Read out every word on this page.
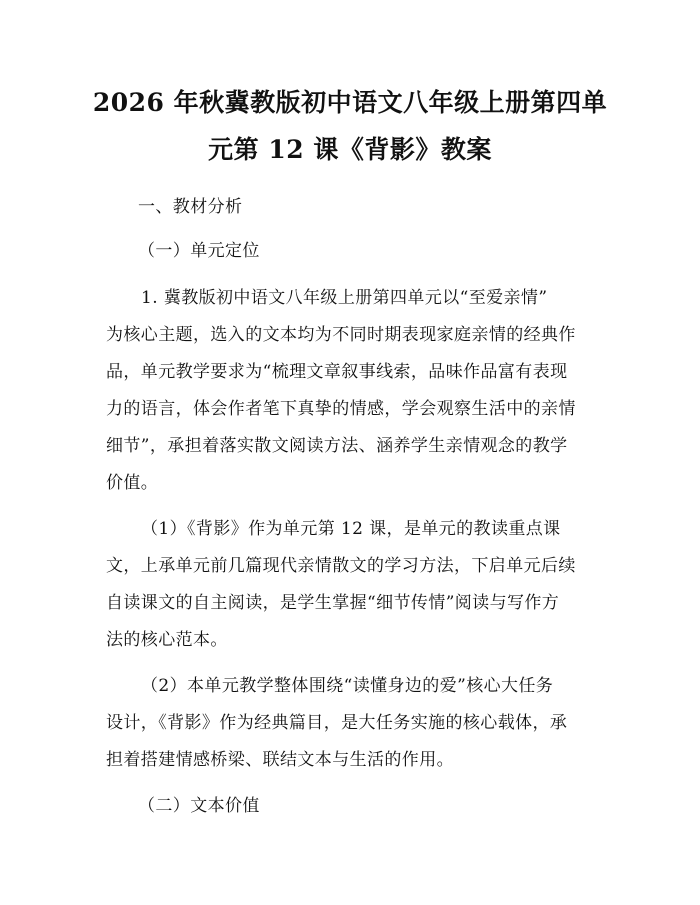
2026 年秋冀教版初中语文八年级上册第四单
元第 12 课《背影》教案

一、教材分析

（一）单元定位

1. 冀教版初中语文八年级上册第四单元以“至爱亲情”

为核心主题，选入的文本均为不同时期表现家庭亲情的经典作

品，单元教学要求为“梳理文章叙事线索，品味作品富有表现

力的语言，体会作者笔下真挚的情感，学会观察生活中的亲情

细节”，承担着落实散文阅读方法、涵养学生亲情观念的教学

价值。

（1）《背影》作为单元第 12 课，是单元的教读重点课

文，上承单元前几篇现代亲情散文的学习方法，下启单元后续

自读课文的自主阅读，是学生掌握“细节传情”阅读与写作方

法的核心范本。

（2）本单元教学整体围绕“读懂身边的爱”核心大任务

设计，《背影》作为经典篇目，是大任务实施的核心载体，承

担着搭建情感桥梁、联结文本与生活的作用。

（二）文本价值
